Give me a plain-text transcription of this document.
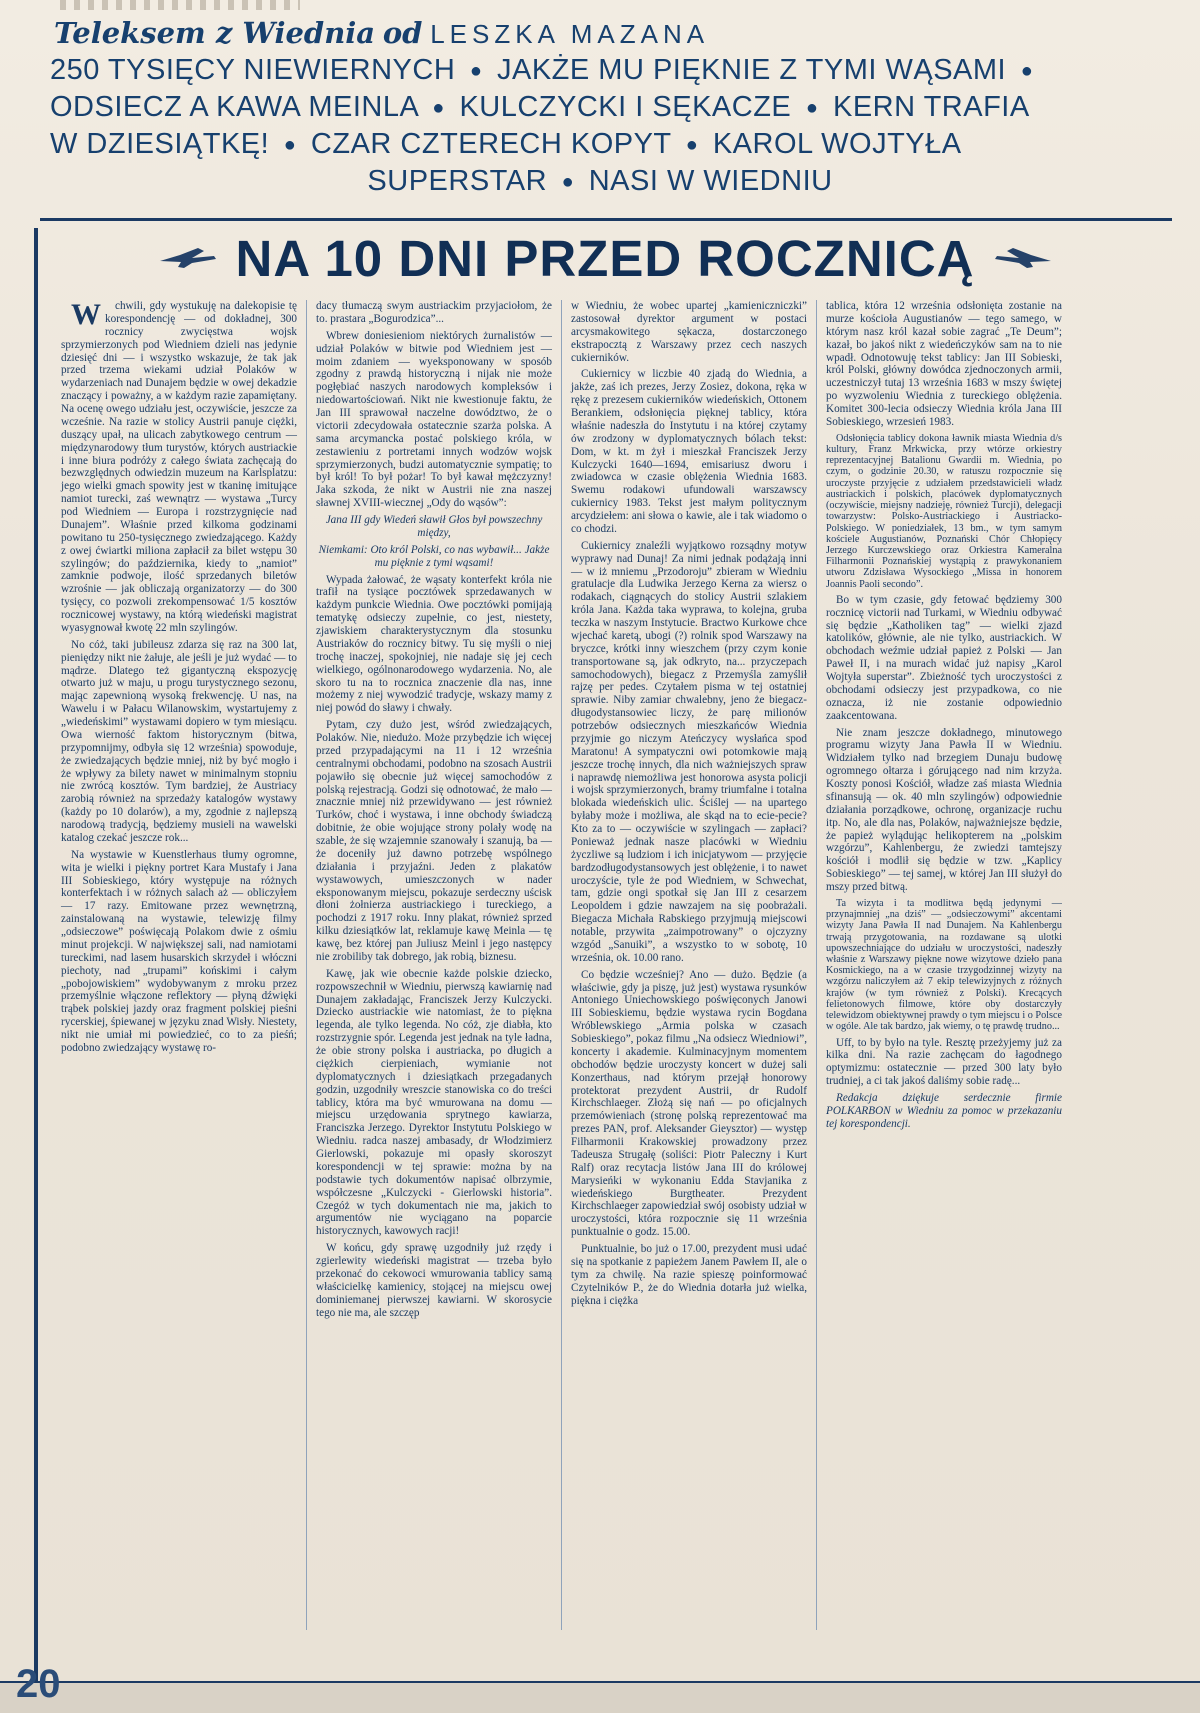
Teleksem z Wiednia od LESZKA MAZANA
250 TYSIĘCY NIEWIERNYCH ● JAKŻE MU PIĘKNIE Z TYMI WĄSAMI ●
ODSIECZ A KAWA MEINLA ● KULCZYCKI I SĘKACZE ● KERN TRAFIA
W DZIESIĄTKĘ! ● CZAR CZTERECH KOPYT ● KAROL WOJTYŁA
SUPERSTAR ● NASI W WIEDNIU
NA 10 DNI PRZED ROCZNICĄ

Wchwili, gdy wystukuję na dalekopisie tę korespondencję — od dokładnej, 300 rocznicy zwycięstwa wojsk sprzymierzonych pod Wiedniem dzieli nas jedynie dziesięć dni — i wszystko wskazuje, że tak jak przed trzema wiekami udział Polaków w wydarzeniach nad Dunajem będzie w owej dekadzie znaczący i poważny, a w każdym razie zapamiętany. Na ocenę owego udziału jest, oczywiście, jeszcze za wcześnie. Na razie w stolicy Austrii panuje ciężki, duszący upał, na ulicach zabytkowego centrum — międzynarodowy tłum turystów, których austriackie i inne biura podróży z całego świata zachęcają do bezwzględnych odwiedzin muzeum na Karlsplatzu: jego wielki gmach spowity jest w tkaninę imitujące namiot turecki, zaś wewnątrz — wystawa „Turcy pod Wiedniem — Europa i rozstrzygnięcie nad Dunajem”. Właśnie przed kilkoma godzinami powitano tu 250-tysięcznego zwiedzającego. Każdy z owej ćwiartki miliona zapłacił za bilet wstępu 30 szylingów; do października, kiedy to „namiot” zamknie podwoje, ilość sprzedanych biletów wzrośnie — jak obliczają organizatorzy — do 300 tysięcy, co pozwoli zrekompensować 1/5 kosztów rocznicowej wystawy, na którą wiedeński magistrat wyasygnował kwotę 22 mln szylingów.

No cóż, taki jubileusz zdarza się raz na 300 lat, pieniędzy nikt nie żałuje, ale jeśli je już wydać — to mądrze. Dlatego też gigantyczną ekspozycję otwarto już w maju, u progu turystycznego sezonu, mając zapewnioną wysoką frekwencję. U nas, na Wawelu i w Pałacu Wilanowskim, wystartujemy z „wiedeńskimi” wystawami dopiero w tym miesiącu. Owa wierność faktom historycznym (bitwa, przypomnijmy, odbyła się 12 września) spowoduje, że zwiedzających będzie mniej, niż by być mogło i że wpływy za bilety nawet w minimalnym stopniu nie zwrócą kosztów. Tym bardziej, że Austriacy zarobią również na sprzedaży katalogów wystawy (każdy po 10 dolarów), a my, zgodnie z najlepszą narodową tradycją, będziemy musieli na wawelski katalog czekać jeszcze rok...

Na wystawie w Kuenstlerhaus tłumy ogromne, wita je wielki i piękny portret Kara Mustafy i Jana III Sobieskiego, który występuje na różnych konterfektach i w różnych salach aż — obliczyłem — 17 razy. Emitowane przez wewnętrzną, zainstalowaną na wystawie, telewizję filmy „odsieczowe” poświęcają Polakom dwie z ośmiu minut projekcji. W największej sali, nad namiotami tureckimi, nad lasem husarskich skrzydeł i włóczni piechoty, nad „trupami” końskimi i całym „pobojowiskiem” wydobywanym z mroku przez przemyślnie włączone reflektory — płyną dźwięki trąbek polskiej jazdy oraz fragment polskiej pieśni rycerskiej, śpiewanej w języku znad Wisły. Niestety, nikt nie umiał mi powiedzieć, co to za pieśń; podobno zwiedzający wystawę ro-

dacy tłumaczą swym austriackim przyjaciołom, że to. prastara „Bogurodzica”...

Wbrew doniesieniom niektórych żurnalistów — udział Polaków w bitwie pod Wiedniem jest — moim zdaniem — wyeksponowany w sposób zgodny z prawdą historyczną i nijak nie może pogłębiać naszych narodowych kompleksów i niedowartościowań. Nikt nie kwestionuje faktu, że Jan III sprawował naczelne dowództwo, że o victorii zdecydowała ostatecznie szarża polska. A sama arcymancka postać polskiego króla, w zestawieniu z portretami innych wodzów wojsk sprzymierzonych, budzi automatycznie sympatię; to był król! To był pożar! To był kawał mężczyzny! Jaka szkoda, że nikt w Austrii nie zna naszej sławnej XVIII-wiecznej „Ody do wąsów”:

Jana III gdy Wiedeń sławił Głos był powszechny między,

Niemkami: Oto król Polski, co nas wybawił... Jakże mu pięknie z tymi wąsami!

Wypada żałować, że wąsaty konterfekt króla nie trafił na tysiące pocztówek sprzedawanych w każdym punkcie Wiednia. Owe pocztówki pomijają tematykę odsieczy zupełnie, co jest, niestety, zjawiskiem charakterystycznym dla stosunku Austriaków do rocznicy bitwy. Tu się myśli o niej trochę inaczej, spokojniej, nie nadaje się jej cech wielkiego, ogólnonarodowego wydarzenia. No, ale skoro tu na to rocznica znaczenie dla nas, inne możemy z niej wywodzić tradycje, wskazy mamy z niej powód do sławy i chwały.

Pytam, czy dużo jest, wśród zwiedzających, Polaków. Nie, niedużo. Może przybędzie ich więcej przed przypadającymi na 11 i 12 września centralnymi obchodami, podobno na szosach Austrii pojawiło się obecnie już więcej samochodów z polską rejestracją. Godzi się odnotować, że mało — znacznie mniej niż przewidywano — jest również Turków, choć i wystawa, i inne obchody świadczą dobitnie, że obie wojujące strony polały wodę na szable, że się wzajemnie szanowały i szanują, ba — że doceniły już dawno potrzebę wspólnego działania i przyjaźni. Jeden z plakatów wystawowych, umieszczonych w nader eksponowanym miejscu, pokazuje serdeczny uścisk dłoni żołnierza austriackiego i tureckiego, a pochodzi z 1917 roku. Inny plakat, również sprzed kilku dziesiątków lat, reklamuje kawę Meinla — tę kawę, bez której pan Juliusz Meinl i jego następcy nie zrobiliby tak dobrego, jak robią, biznesu.

Kawę, jak wie obecnie każde polskie dziecko, rozpowszechnił w Wiedniu, pierwszą kawiarnię nad Dunajem zakładając, Franciszek Jerzy Kulczycki. Dziecko austriackie wie natomiast, że to piękna legenda, ale tylko legenda. No cóż, zje diabła, kto rozstrzygnie spór. Legenda jest jednak na tyle ładna, że obie strony polska i austriacka, po długich a ciężkich cierpieniach, wymianie not dyplomatycznych i dziesiątkach przegadanych godzin, uzgodniły wreszcie stanowiska co do treści tablicy, która ma być wmurowana na domu — miejscu urzędowania sprytnego kawiarza, Franciszka Jerzego. Dyrektor Instytutu Polskiego w Wiedniu. radca naszej ambasady, dr Włodzimierz Gierlowski, pokazuje mi opasły skoroszyt korespondencji w tej sprawie: można by na podstawie tych dokumentów napisać olbrzymie, współczesne „Kulczycki - Gierlowski historia”. Czegóż w tych dokumentach nie ma, jakich to argumentów nie wyciągano na poparcie historycznych, kawowych racji!

W końcu, gdy sprawę uzgodniły już rzędy i zgierlewity wiedeński magistrat — trzeba było przekonać do cekowoci wmurowania tablicy samą właścicielkę kamienicy, stojącej na miejscu owej dominiemanej pierwszej kawiarni. W skorosycie tego nie ma, ale szczęp

w Wiedniu, że wobec upartej „kamieniczniczki” zastosował dyrektor argument w postaci arcysmakowitego sękacza, dostarczonego ekstrapocztą z Warszawy przez cech naszych cukierników.

Cukiernicy w liczbie 40 zjadą do Wiednia, a jakże, zaś ich prezes, Jerzy Zosiez, dokona, ręka w rękę z prezesem cukierników wiedeńskich, Ottonem Berankiem, odsłonięcia pięknej tablicy, która właśnie nadeszła do Instytutu i na której czytamy ów zrodzony w dyplomatycznych bólach tekst: Dom, w kt. m żył i mieszkał Franciszek Jerzy Kulczycki 1640—1694, emisariusz dworu i zwiadowca w czasie oblężenia Wiednia 1683. Swemu rodakowi ufundowali warszawscy cukiernicy 1983. Tekst jest małym politycznym arcydziełem: ani słowa o kawie, ale i tak wiadomo o co chodzi.

Cukiernicy znaleźli wyjątkowo rozsądny motyw wyprawy nad Dunaj! Za nimi jednak podążają inni — w iż mniemu „Przodoroju” zbieram w Wiedniu gratulacje dla Ludwika Jerzego Kerna za wiersz o rodakach, ciągnących do stolicy Austrii szlakiem króla Jana. Każda taka wyprawa, to kolejna, gruba teczka w naszym Instytucie. Bractwo Kurkowe chce wjechać karetą, ubogi (?) rolnik spod Warszawy na bryczce, krótki inny wieszchem (przy czym konie transportowane są, jak odkryto, na... przyczepach samochodowych), biegacz z Przemyśla zamyślił rajzę per pedes. Czytałem pisma w tej ostatniej sprawie. Niby zamiar chwalebny, jeno że biegacz-długodystansowiec liczy, że parę milionów potrzebów odsiecznych mieszkańców Wiednia przyjmie go niczym Ateńczycy wysłańca spod Maratonu! A sympatyczni owi potomkowie mają jeszcze trochę innych, dla nich ważniejszych spraw i naprawdę niemożliwa jest honorowa asysta policji i wojsk sprzymierzonych, bramy triumfalne i totalna blokada wiedeńskich ulic. Ściślej — na upartego byłaby może i możliwa, ale skąd na to ecie-pecie? Kto za to — oczywiście w szylingach — zapłaci? Ponieważ jednak nasze placówki w Wiedniu życzliwe są ludziom i ich inicjatywom — przyjęcie bardzodługodystansowych jest oblężenie, i to nawet uroczyście, tyle że pod Wiedniem, w Schwechat, tam, gdzie ongi spotkał się Jan III z cesarzem Leopoldem i gdzie nawzajem na się poobrażali. Biegacza Michała Rabskiego przyjmują miejscowi notable, przywita „zaimpotrowany” o ojczyzny wzgód „Sanuiki”, a wszystko to w sobotę, 10 września, ok. 10.00 rano.

Co będzie wcześniej? Ano — dużo. Będzie (a właściwie, gdy ja piszę, już jest) wystawa rysunków Antoniego Uniechowskiego poświęconych Janowi III Sobieskiemu, będzie wystawa rycin Bogdana Wróblewskiego „Armia polska w czasach Sobieskiego”, pokaz filmu „Na odsiecz Wiedniowi”, koncerty i akademie. Kulminacyjnym momentem obchodów będzie uroczysty koncert w dużej sali Konzerthaus, nad którym przejął honorowy protektorat prezydent Austrii, dr Rudolf Kirchschlaeger. Złożą się nań — po oficjalnych przemówieniach (stronę polską reprezentować ma prezes PAN, prof. Aleksander Gieysztor) — występ Filharmonii Krakowskiej prowadzony przez Tadeusza Strugałę (soliści: Piotr Paleczny i Kurt Ralf) oraz recytacja listów Jana III do królowej Marysieńki w wykonaniu Edda Stavjanika z wiedeńskiego Burgtheater. Prezydent Kirchschlaeger zapowiedział swój osobisty udział w uroczystości, która rozpocznie się 11 września punktualnie o godz. 15.00.

Punktualnie, bo już o 17.00, prezydent musi udać się na spotkanie z papieżem Janem Pawłem II, ale o tym za chwilę. Na razie spieszę poinformować Czytelników P., że do Wiednia dotarła już wielka, piękna i ciężka

tablica, która 12 września odsłonięta zostanie na murze kościoła Augustianów — tego samego, w którym nasz król kazał sobie zagrać „Te Deum”; kazał, bo jakoś nikt z wiedeńczyków sam na to nie wpadł. Odnotowuję tekst tablicy: Jan III Sobieski, król Polski, główny dowódca zjednoczonych armii, uczestniczył tutaj 13 września 1683 w mszy świętej po wyzwoleniu Wiednia z tureckiego oblężenia. Komitet 300-lecia odsieczy Wiednia króla Jana III Sobieskiego, wrzesień 1983.

Odsłonięcia tablicy dokona ławnik miasta Wiednia d/s kultury, Franz Mrkwicka, przy wtórze orkiestry reprezentacyjnej Batalionu Gwardii m. Wiednia, po czym, o godzinie 20.30, w ratuszu rozpocznie się uroczyste przyjęcie z udziałem przedstawicieli władz austriackich i polskich, placówek dyplomatycznych (oczywiście, miejsny nadzieję, również Turcji), delegacji towarzystw: Polsko-Austriackiego i Austriacko-Polskiego. W poniedziałek, 13 bm., w tym samym kościele Augustianów, Poznański Chór Chłopięcy Jerzego Kurczewskiego oraz Orkiestra Kameralna Filharmonii Poznańskiej wystąpią z prawykonaniem utworu Zdzisława Wysockiego „Missa in honorem Joannis Paoli secondo”.

Bo w tym czasie, gdy fetować będziemy 300 rocznicę victorii nad Turkami, w Wiedniu odbywać się będzie „Katholiken tag” — wielki zjazd katolików, głównie, ale nie tylko, austriackich. W obchodach weźmie udział papież z Polski — Jan Paweł II, i na murach widać już napisy „Karol Wojtyła superstar”. Zbieżność tych uroczystości z obchodami odsieczy jest przypadkowa, co nie oznacza, iż nie zostanie odpowiednio zaakcentowana.

Nie znam jeszcze dokładnego, minutowego programu wizyty Jana Pawła II w Wiedniu. Widziałem tylko nad brzegiem Dunaju budowę ogromnego ołtarza i górującego nad nim krzyża. Koszty ponosi Kościół, władze zaś miasta Wiednia sfinansują — ok. 40 mln szylingów) odpowiednie działania porządkowe, ochronę, organizacje ruchu itp. No, ale dla nas, Polaków, najważniejsze będzie, że papież wylądując helikopterem na „polskim wzgórzu”, Kahlenbergu, że zwiedzi tamtejszy kościół i modlił się będzie w tzw. „Kaplicy Sobieskiego” — tej samej, w której Jan III służył do mszy przed bitwą.

Ta wizyta i ta modlitwa będą jedynymi — przynajmniej „na dziś” — „odsieczowymi” akcentami wizyty Jana Pawła II nad Dunajem. Na Kahlenbergu trwają przygotowania, na rozdawane są ulotki upowszechniające do udziału w uroczystości, nadeszły właśnie z Warszawy piękne nowe wizytowe dzieło pana Kosmickiego, na a w czasie trzygodzinnej wizyty na wzgórzu naliczyłem aż 7 ekip telewizyjnych z różnych krajów (w tym również z Polski). Krecących felietonowych filmowe, które oby dostarczyły telewidzom obiektywnej prawdy o tym miejscu i o Polsce w ogóle. Ale tak bardzo, jak wiemy, o tę prawdę trudno...

Uff, to by było na tyle. Resztę przeżyjemy już za kilka dni. Na razie zachęcam do łagodnego optymizmu: ostatecznie — przed 300 laty było trudniej, a ci tak jakoś daliśmy sobie radę...

Redakcja dziękuje serdecznie firmie POLKARBON w Wiedniu za pomoc w przekazaniu tej korespondencji.

20
